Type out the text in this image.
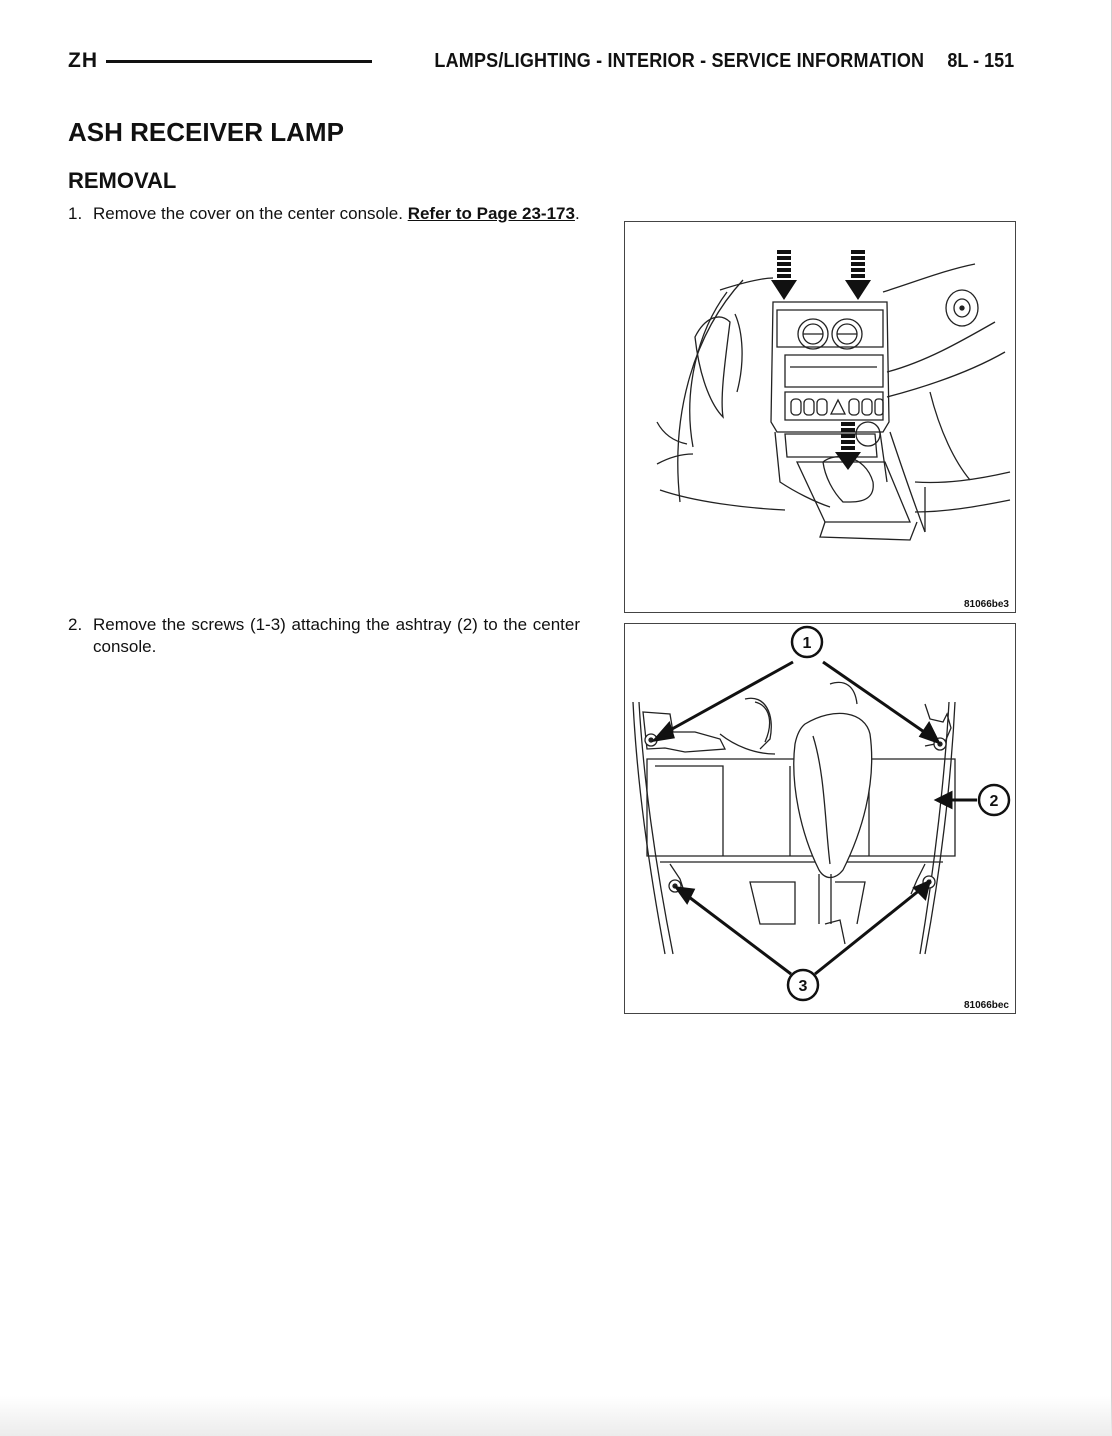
ZH	LAMPS/LIGHTING - INTERIOR - SERVICE INFORMATION 8L - 151
ASH RECEIVER LAMP
REMOVAL
1. Remove the cover on the center console. Refer to Page 23-173.
2. Remove the screws (1-3) attaching the ashtray (2) to the center console.
81066be3
1
2
3
81066bec
